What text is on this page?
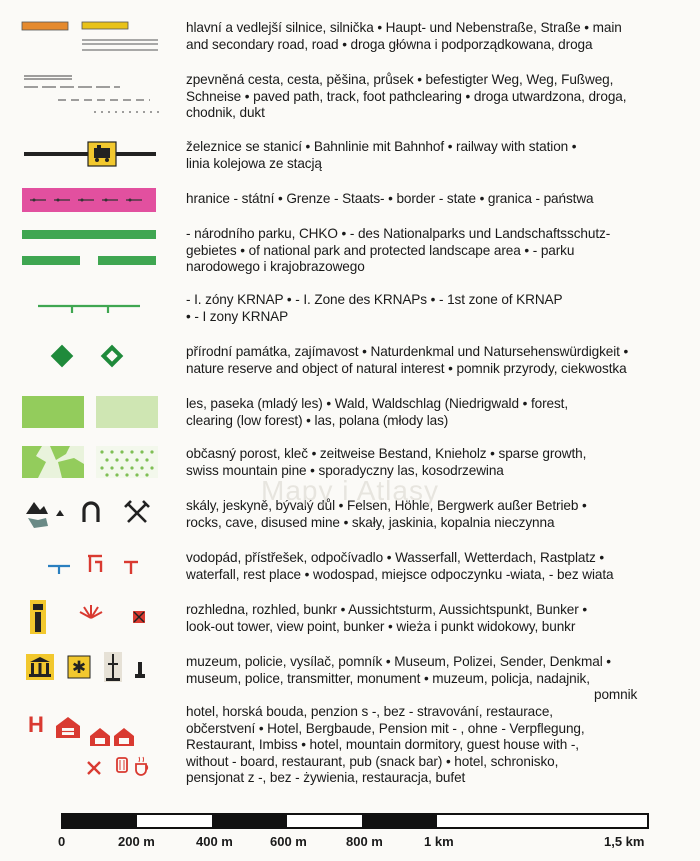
hlavní a vedlejší silnice, silnička • Haupt- und Nebenstraße, Straße • main
and secondary road, road • droga główna i podporządkowana, droga
zpevněná cesta, cesta, pěšina, průsek • befestigter Weg, Weg, Fußweg,
Schneise • paved path, track, foot pathclearing • droga utwardzona, droga,
chodnik, dukt
železnice se stanicí • Bahnlinie mit Bahnhof • railway with station •
linia kolejowa ze stacją
hranice - státní • Grenze - Staats- • border - state • granica - państwa
- národního parku, CHKO • - des Nationalparks und Landschaftsschutz-
gebietes • of national park and protected landscape area • - parku
narodowego i krajobrazowego
- I. zóny KRNAP • - I. Zone des KRNAPs • - 1st zone of KRNAP
• - I zony KRNAP
přírodní památka, zajímavost • Naturdenkmal und Natursehenswürdigkeit •
nature reserve and object of natural interest • pomnik przyrody, ciekwostka
les, paseka (mladý les) • Wald, Waldschlag (Niedrigwald • forest,
clearing (low forest) • las, polana (młody las)
občasný porost, kleč • zeitweise Bestand, Knieholz • sparse growth,
swiss mountain pine • sporadyczny las, kosodrzewina
skály, jeskyně, bývalý důl • Felsen, Höhle, Bergwerk außer Betrieb •
rocks, cave, disused mine • skały, jaskinia, kopalnia nieczynna
vodopád, přístřešek, odpočívadlo • Wasserfall, Wetterdach, Rastplatz •
waterfall, rest place • wodospad, miejsce odpoczynku -wiata, - bez wiata
rozhledna, rozhled, bunkr • Aussichtsturm, Aussichtspunkt, Bunker •
look-out tower, view point, bunker • wieża i punkt widokowy, bunkr
✱	muzeum, policie, vysílač, pomník • Museum, Polizei, Sender, Denkmal •
museum, police, transmitter, monument • muzeum, policja, nadajnik,
pomnik
H
hotel, horská bouda, penzion s -, bez - stravování, restaurace,
občerstvení • Hotel, Bergbaude, Pension mit - , ohne - Verpflegung,
Restaurant, Imbiss • hotel, mountain dormitory, guest house with -,
without - board, restaurant, pub (snack bar) • hotel, schronisko,
pensjonat z -, bez - żywienia, restauracja, bufet
Mapy i Atlasy
0	200 m	400 m	600 m	800 m	1 km	1,5 km
